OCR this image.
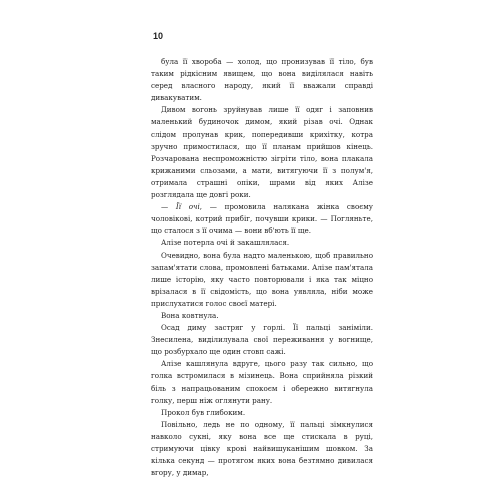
10

була її хвороба — холод, що пронизував її тіло, був таким рідкісним явищем, що вона виділялася навіть серед власного народу, який її вважали справді дивакуватим.

Дивом вогонь зруйнував лише її одяг і заповнив маленький будиночок димом, який різав очі. Однак слідом пролунав крик, попередивши крихітку, котра зручно примостилася, що її планам прийшов кінець. Розчарована неспроможністю зігріти тіло, вона плакала крижаними сльозами, а мати, витягуючи її з полум'я, отримала страшні опіки, шрами від яких Алізе розглядала ще довгі роки.

— Її очі, — промовила налякана жінка своєму чоловікові, котрий прибіг, почувши крики. — Погляньте, що сталося з її очима — вони вб'ють її ще.

Алізе потерла очі й закашлялася.

Очевидно, вона була надто маленькою, щоб правильно запам'ятати слова, промовлені батьками. Алізе пам'ятала лише історію, яку часто повторювали і яка так міцно врізалася в її свідомість, що вона уявляла, ніби може прислухатися голос своєї матері.

Вона ковтнула.

Осад диму застряг у горлі. Її пальці заніміли. Знесилена, виділилувала свої переживання у вогнище, що розбурхало ще один стовп сажі.

Алізе кашлянула вдруге, цього разу так сильно, що голка встромилася в мізинець. Вона сприйняла різкий біль з напрацьованим спокоєм і обережно витягнула голку, перш ніж оглянути рану.

Прокол був глибоким.

Повільно, ледь не по одному, її пальці зімкнулися навколо сукні, яку вона все ще стискала в руці, стримуючи цівку крові найвишуканішим шовком. За кілька секунд — протягом яких вона безтямно дивилася вгору, у димар,
